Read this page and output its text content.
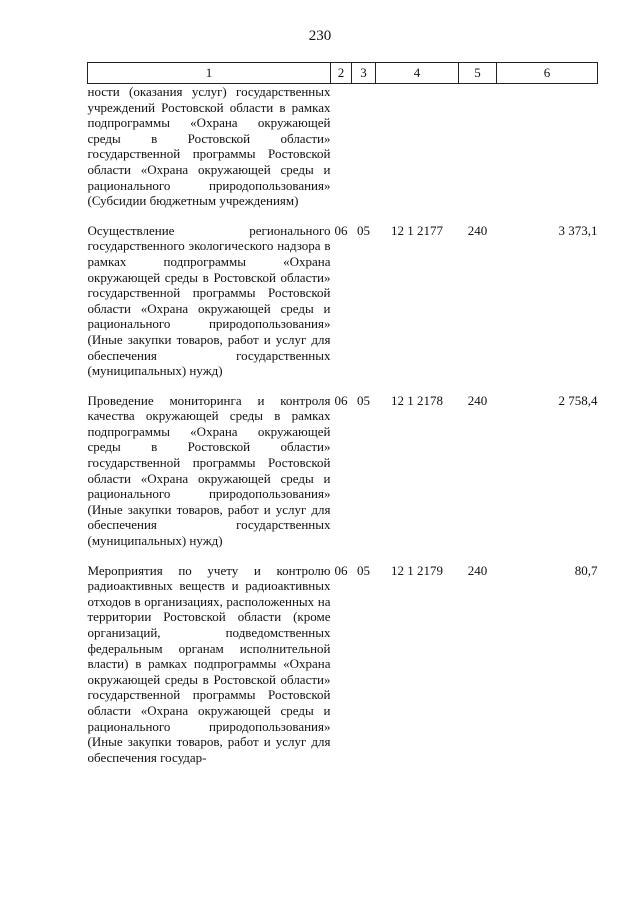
230
1	2	3	4	5	6
ности (оказания услуг) государственных учреждений Ростовской области в рамках подпрограммы «Охрана окружающей среды в Ростовской области» государственной программы Ростовской области «Охрана окружающей среды и рационального природопользования» (Субсидии бюджетным учреждениям)					

Осуществление регионального государственного экологического надзора в рамках подпрограммы «Охрана окружающей среды в Ростовской области» государственной программы Ростовской области «Охрана окружающей среды и рационального природопользования» (Иные закупки товаров, работ и услуг для обеспечения государственных (муниципальных) нужд)	06	05	12 1 2177	240	3 373,1

Проведение мониторинга и контроля качества окружающей среды в рамках подпрограммы «Охрана окружающей среды в Ростовской области» государственной программы Ростовской области «Охрана окружающей среды и рационального природопользования» (Иные закупки товаров, работ и услуг для обеспечения государственных (муниципальных) нужд)	06	05	12 1 2178	240	2 758,4

Мероприятия по учету и контролю радиоактивных веществ и радиоактивных отходов в организациях, расположенных на территории Ростовской области (кроме организаций, подведомственных федеральным органам исполнительной власти) в рамках подпрограммы «Охрана окружающей среды в Ростовской области» государственной программы Ростовской области «Охрана окружающей среды и рационального природопользования» (Иные закупки товаров, работ и услуг для обеспечения государ-	06	05	12 1 2179	240	80,7
